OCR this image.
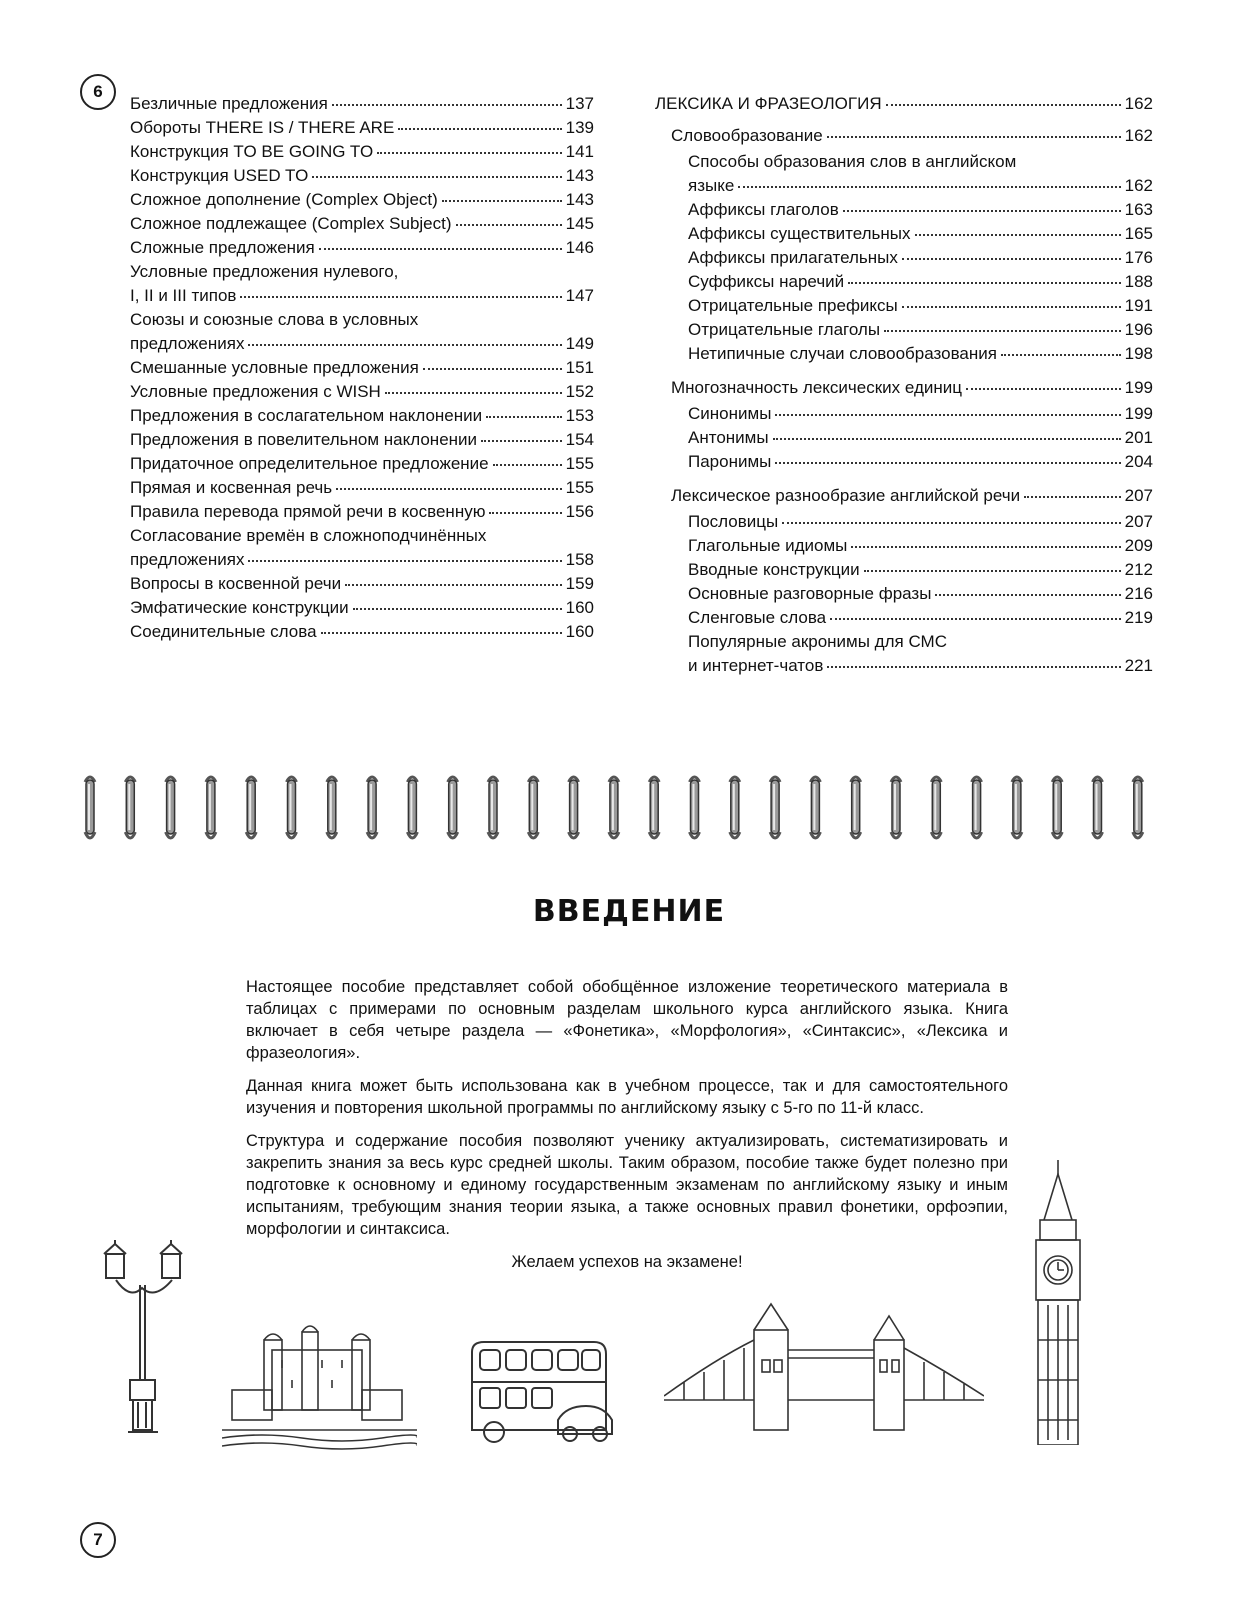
6
7
Безличные предложения	137
Обороты THERE IS / THERE ARE	139
Конструкция TO BE GOING TO	141
Конструкция USED TO	143
Сложное дополнение (Complex Object)	143
Сложное подлежащее (Complex Subject)	145
Сложные предложения	146
Условные предложения нулевого,
I, II и III типов	147
Союзы и союзные слова в условных
предложениях	149
Смешанные условные предложения	151
Условные предложения с WISH	152
Предложения в сослагательном наклонении	153
Предложения в повелительном наклонении	154
Придаточное определительное предложение	155
Прямая и косвенная речь	155
Правила перевода прямой речи в косвенную	156
Согласование времён в сложноподчинённых
предложениях	158
Вопросы в косвенной речи	159
Эмфатические конструкции	160
Соединительные слова	160
ЛЕКСИКА И ФРАЗЕОЛОГИЯ	162
Словообразование	162
Способы образования слов в английском
языке	162
Аффиксы глаголов	163
Аффиксы существительных	165
Аффиксы прилагательных	176
Суффиксы наречий	188
Отрицательные префиксы	191
Отрицательные глаголы	196
Нетипичные случаи словообразования	198
Многозначность лексических единиц	199
Синонимы	199
Антонимы	201
Паронимы	204
Лексическое разнообразие английской речи	207
Пословицы	207
Глагольные идиомы	209
Вводные конструкции	212
Основные разговорные фразы	216
Сленговые слова	219
Популярные акронимы для СМС
и интернет-чатов	221
ВВЕДЕНИЕ

Настоящее пособие представляет собой обобщённое изложение теоретического материала в таблицах с примерами по основным разделам школьного курса английского языка. Книга включает в себя четыре раздела — «Фонетика», «Морфология», «Синтаксис», «Лексика и фразеология».

Данная книга может быть использована как в учебном процессе, так и для самостоятельного изучения и повторения школьной программы по английскому языку с 5-го по 11-й класс.

Структура и содержание пособия позволяют ученику актуализировать, систематизировать и закрепить знания за весь курс средней школы. Таким образом, пособие также будет полезно при подготовке к основному и единому государственным экзаменам по английскому языку и иным испытаниям, требующим знания теории языка, а также основных правил фонетики, орфоэпии, морфологии и синтаксиса.

Желаем успехов на экзамене!
